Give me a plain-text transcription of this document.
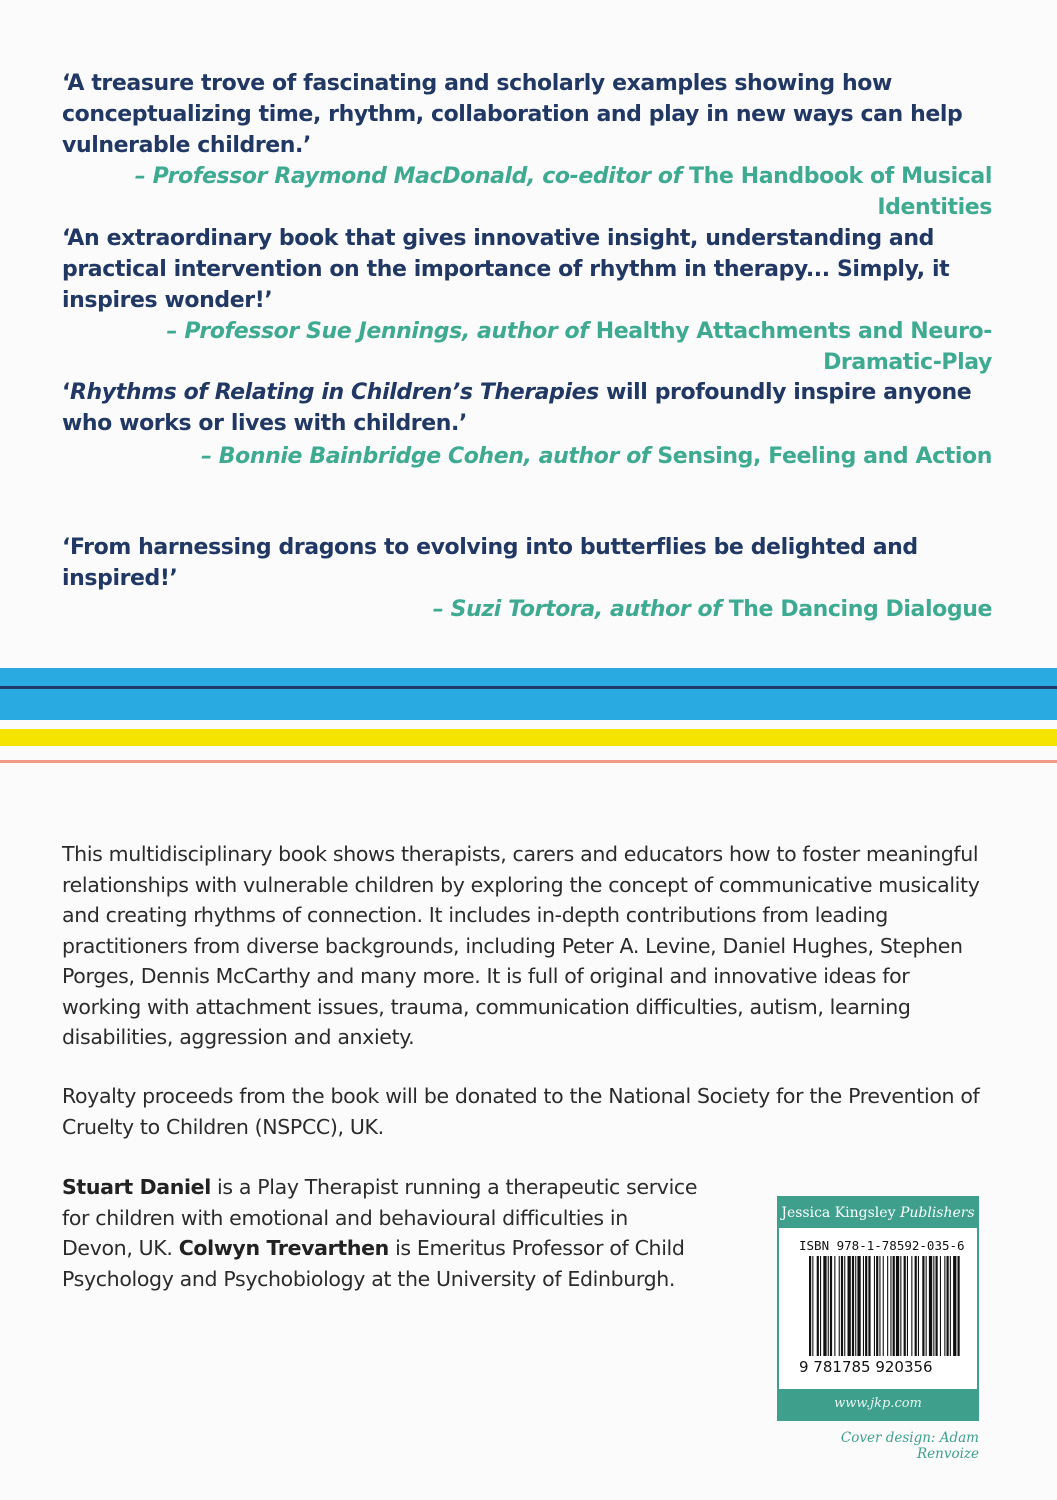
‘A treasure trove of fascinating and scholarly examples showing how conceptualizing time, rhythm, collaboration and play in new ways can help vulnerable children.’
– Professor Raymond MacDonald, co-editor of The Handbook of Musical Identities
‘An extraordinary book that gives innovative insight, understanding and practical intervention on the importance of rhythm in therapy... Simply, it inspires wonder!’
– Professor Sue Jennings, author of Healthy Attachments and Neuro-Dramatic-Play
‘Rhythms of Relating in Children’s Therapies will profoundly inspire anyone who works or lives with children.’
– Bonnie Bainbridge Cohen, author of Sensing, Feeling and Action
‘From harnessing dragons to evolving into butterflies be delighted and inspired!’
– Suzi Tortora, author of The Dancing Dialogue

This multidisciplinary book shows therapists, carers and educators how to foster meaningful relationships with vulnerable children by exploring the concept of communicative musicality and creating rhythms of connection. It includes in-depth contributions from leading practitioners from diverse backgrounds, including Peter A. Levine, Daniel Hughes, Stephen Porges, Dennis McCarthy and many more. It is full of original and innovative ideas for working with attachment issues, trauma, communication difficulties, autism, learning disabilities, aggression and anxiety.

Royalty proceeds from the book will be donated to the National Society for the Prevention of Cruelty to Children (NSPCC), UK.

Stuart Daniel is a Play Therapist running a therapeutic service for children with emotional and behavioural difficulties in Devon, UK. Colwyn Trevarthen is Emeritus Professor of Child Psychology and Psychobiology at the University of Edinburgh.

Jessica Kingsley Publishers
ISBN 978-1-78592-035-6
9 781785 920356
www.jkp.com
Cover design: Adam Renvoize
